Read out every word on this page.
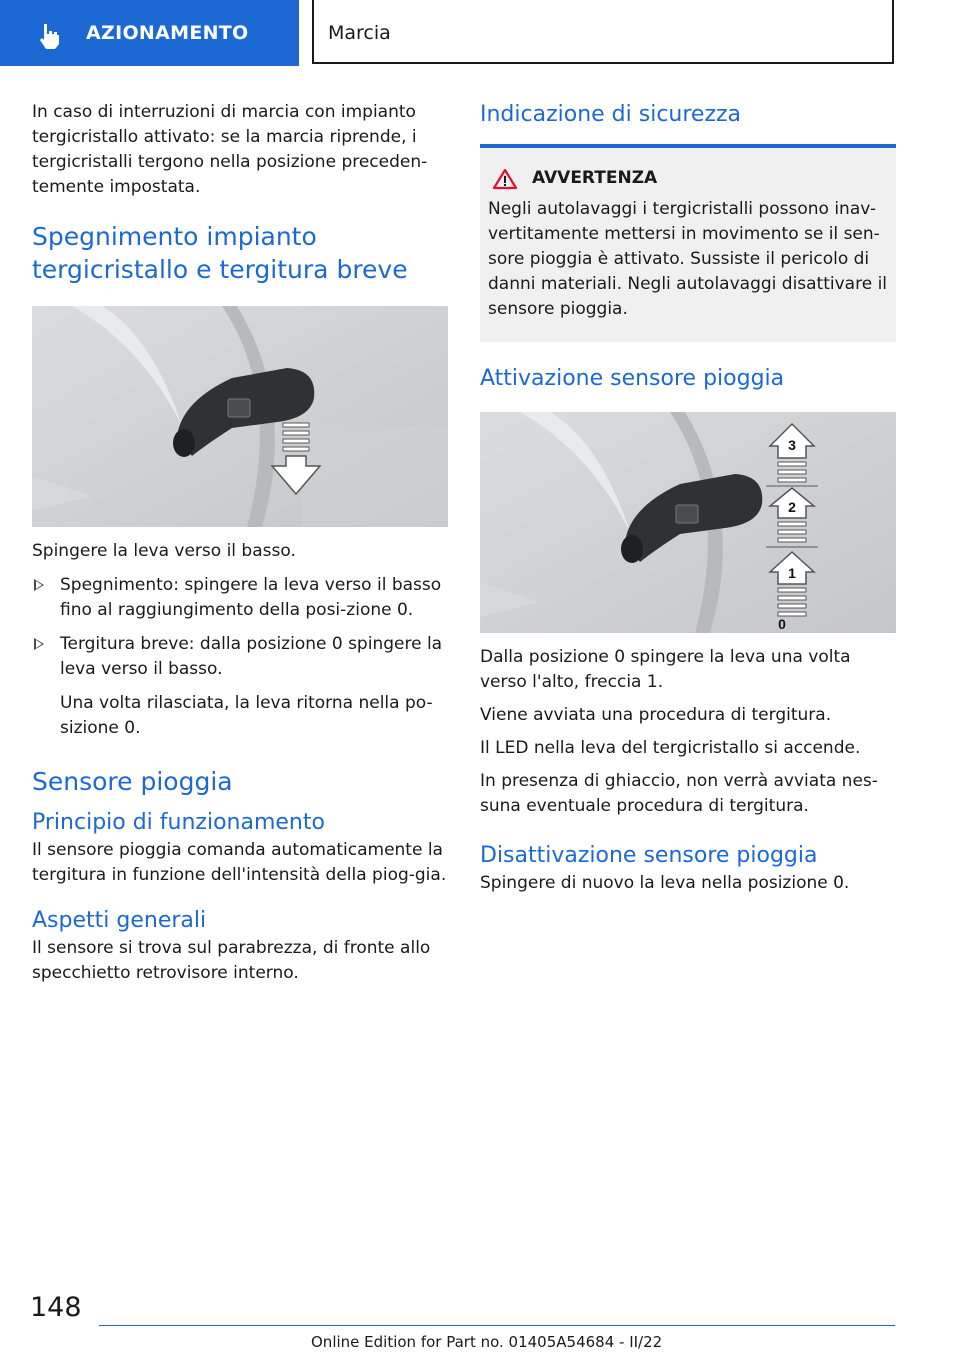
AZIONAMENTO	Marcia

In caso di interruzioni di marcia con impianto tergicristallo attivato: se la marcia riprende, i tergicristalli tergono nella posizione preceden-temente impostata.

Spegnimento impianto tergicristallo e tergitura breve

Spingere la leva verso il basso.

Spegnimento: spingere la leva verso il basso fino al raggiungimento della posi-zione 0.
Tergitura breve: dalla posizione 0 spingere la leva verso il basso.

Una volta rilasciata, la leva ritorna nella po-sizione 0.

Sensore pioggia
Principio di funzionamento

Il sensore pioggia comanda automaticamente la tergitura in funzione dell'intensità della piog-gia.

Aspetti generali

Il sensore si trova sul parabrezza, di fronte allo specchietto retrovisore interno.

Indicazione di sicurezza
AVVERTENZA

Negli autolavaggi i tergicristalli possono inav-vertitamente mettersi in movimento se il sen-sore pioggia è attivato. Sussiste il pericolo di danni materiali. Negli autolavaggi disattivare il sensore pioggia.

Attivazione sensore pioggia
3
2
1
0

Dalla posizione 0 spingere la leva una volta verso l'alto, freccia 1.

Viene avviata una procedura di tergitura.

Il LED nella leva del tergicristallo si accende.

In presenza di ghiaccio, non verrà avviata nes-suna eventuale procedura di tergitura.

Disattivazione sensore pioggia

Spingere di nuovo la leva nella posizione 0.

148
Online Edition for Part no. 01405A54684 - II/22
